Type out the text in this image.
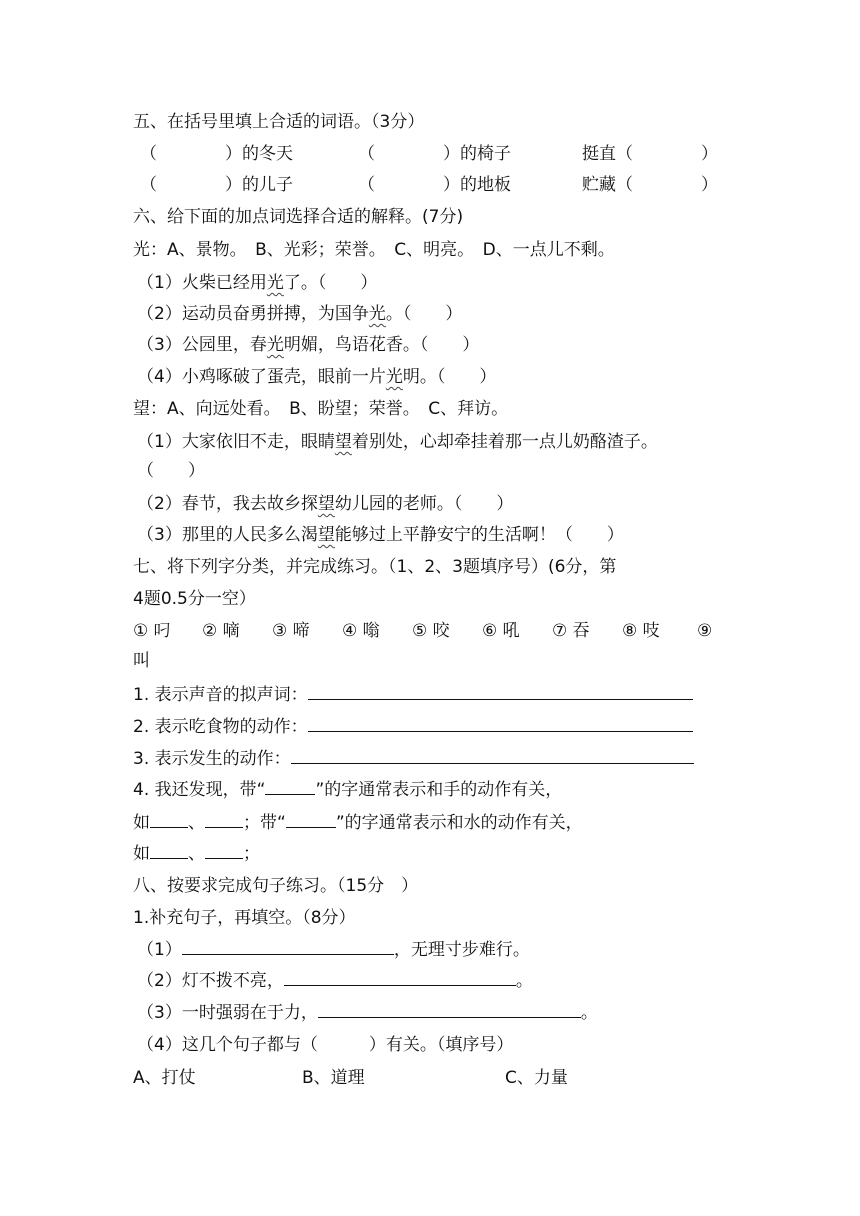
五、在括号里填上合适的词语。（3分）
（　　　　）的冬天	（　　　　）的椅子	挺直（　　　　）
（　　　　）的儿子	（　　　　）的地板	贮藏（　　　　）
六、给下面的加点词选择合适的解释。(7分)
光：A、景物。　B、光彩；荣誉。　C、明亮。　D、一点儿不剩。
（1）火柴已经用光了。（　　）
（2）运动员奋勇拼搏，为国争光。（　　）
（3）公园里，春光明媚，鸟语花香。（　　）
（4）小鸡啄破了蛋壳，眼前一片光明。（　　）
望：A、向远处看。　B、盼望；荣誉。　C、拜访。
（1）大家依旧不走，眼睛望着别处，心却牵挂着那一点儿奶酪渣子。
（　　）
（2）春节，我去故乡探望幼儿园的老师。（　　）
（3）那里的人民多么渴望能够过上平静安宁的生活啊！（　　）
七、将下列字分类，并完成练习。（1、2、3题填序号）(6分，第
4题0.5分一空）
① 叼 ② 嘀 ③ 啼 ④ 嗡 ⑤ 咬 ⑥ 吼 ⑦ 吞 ⑧ 吱 ⑨
叫
1. 表示声音的拟声词：
2. 表示吃食物的动作：
3. 表示发生的动作：
4. 我还发现，带“	”的字通常表示和手的动作有关，
如 、 ；带“	”的字通常表示和水的动作有关，
如 、 ；
八、按要求完成句子练习。（15分　）
1.补充句子，再填空。（8分）
（1）	，无理寸步难行。
（2）灯不拨不亮，	。
（3）一时强弱在于力，	。
（4）这几个句子都与（　　　）有关。（填序号）
A、打仗	B、道理	C、力量
